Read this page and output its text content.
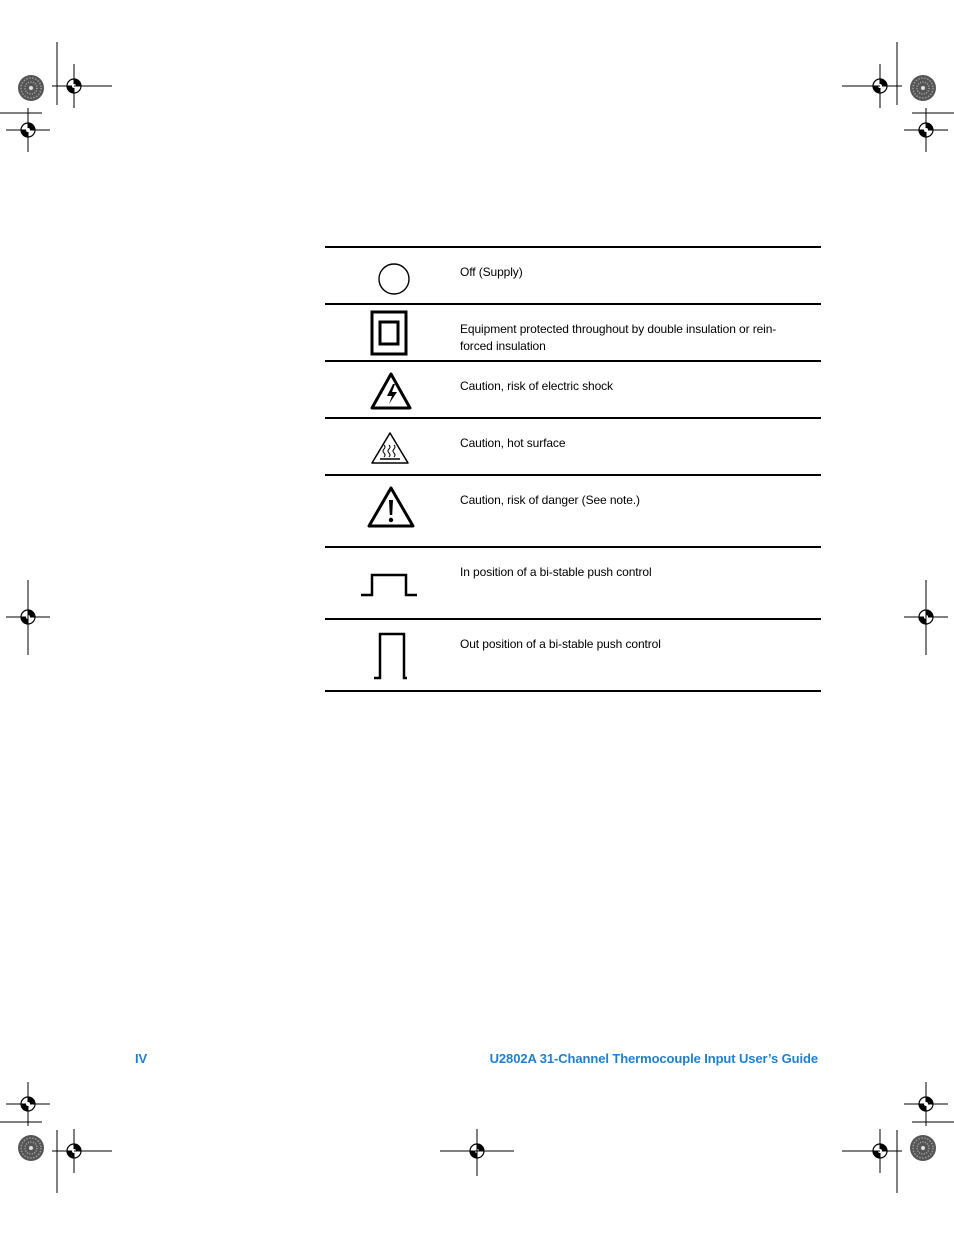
Off (Supply)
Equipment protected throughout by double insulation or rein-
forced insulation
Caution, risk of electric shock
Caution, hot surface
Caution, risk of danger (See note.)
In position of a bi-stable push control
Out position of a bi-stable push control
IV	U2802A 31-Channel Thermocouple Input User’s Guide
